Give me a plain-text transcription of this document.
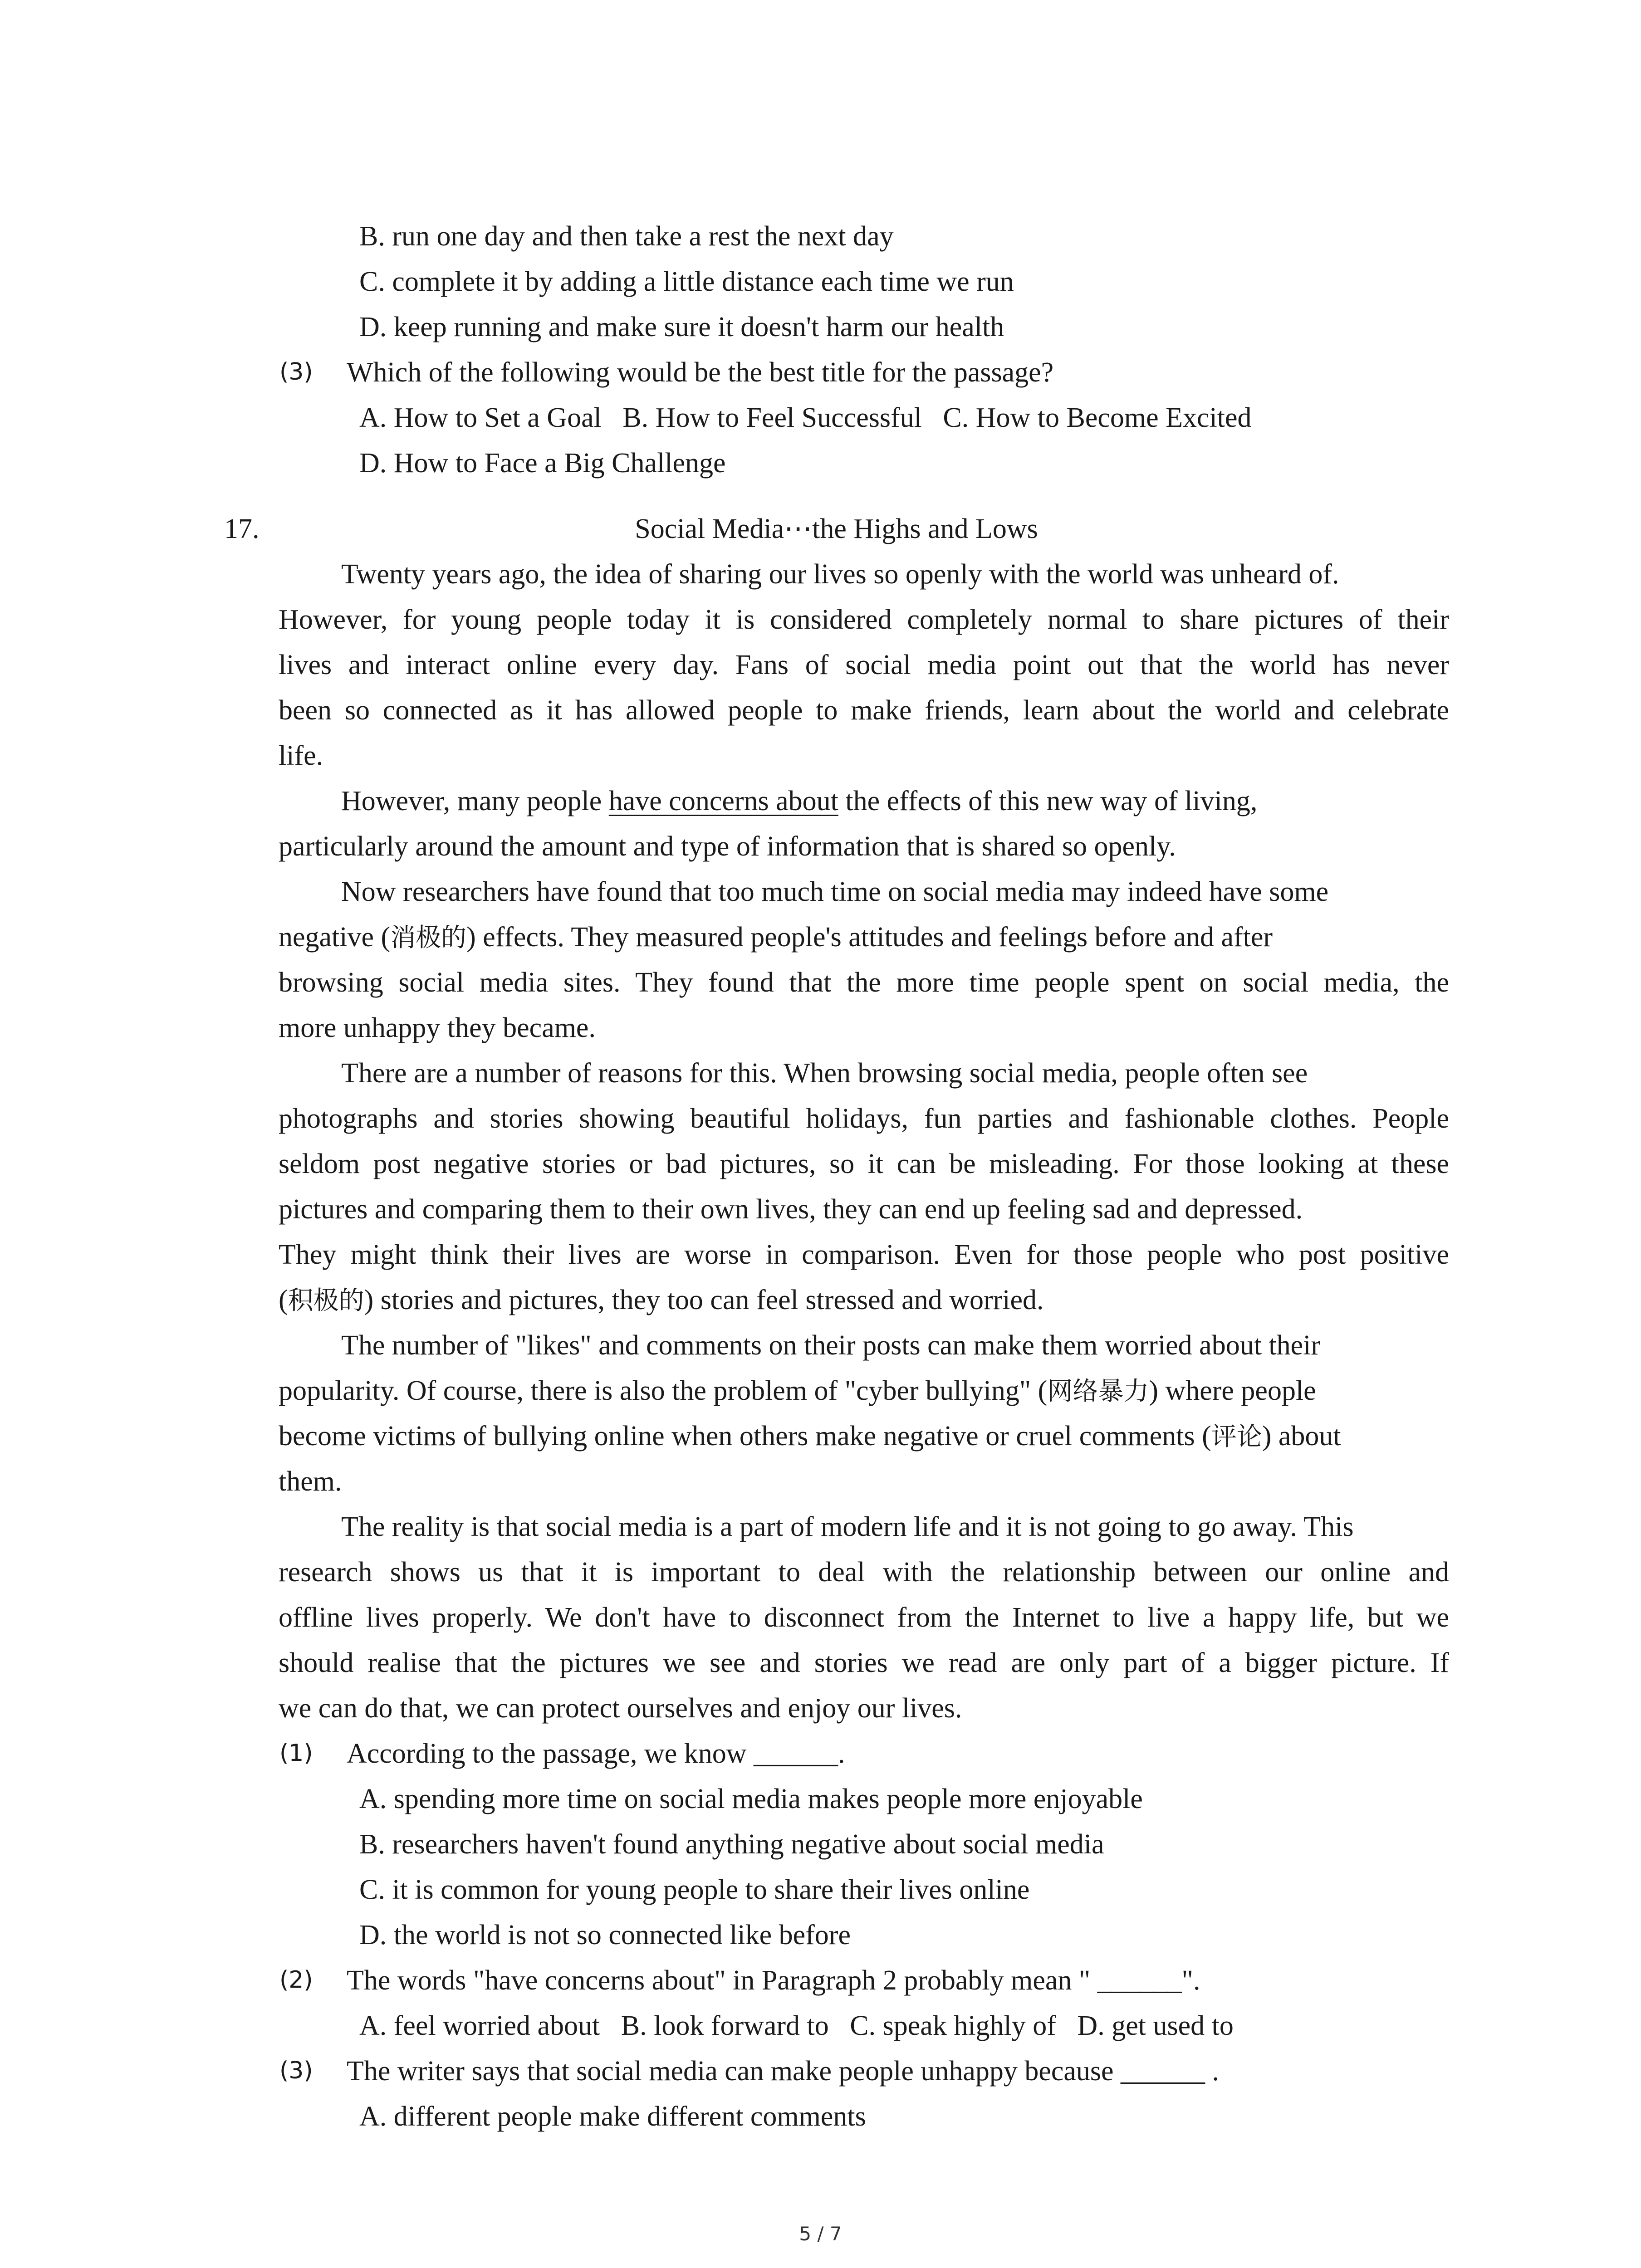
B. run one day and then take a rest the next day
C. complete it by adding a little distance each time we run
D. keep running and make sure it doesn't harm our health
(3) Which of the following would be the best title for the passage?
A. How to Set a Goal B. How to Feel Successful C. How to Become Excited
D. How to Face a Big Challenge
17.	Social Media⋯the Highs and Lows
Twenty years ago, the idea of sharing our lives so openly with the world was unheard of.
However, for young people today it is considered completely normal to share pictures of their
lives and interact online every day. Fans of social media point out that the world has never
been so connected as it has allowed people to make friends, learn about the world and celebrate
life.
However, many people have concerns about the effects of this new way of living,
particularly around the amount and type of information that is shared so openly.
Now researchers have found that too much time on social media may indeed have some
negative (消极的) effects. They measured people's attitudes and feelings before and after
browsing social media sites. They found that the more time people spent on social media, the
more unhappy they became.
There are a number of reasons for this. When browsing social media, people often see
photographs and stories showing beautiful holidays, fun parties and fashionable clothes. People
seldom post negative stories or bad pictures, so it can be misleading. For those looking at these
pictures and comparing them to their own lives, they can end up feeling sad and depressed.
They might think their lives are worse in comparison. Even for those people who post positive
(积极的) stories and pictures, they too can feel stressed and worried.
The number of "likes" and comments on their posts can make them worried about their
popularity. Of course, there is also the problem of "cyber bullying" (网络暴力) where people
become victims of bullying online when others make negative or cruel comments (评论) about
them.
The reality is that social media is a part of modern life and it is not going to go away. This
research shows us that it is important to deal with the relationship between our online and
offline lives properly. We don't have to disconnect from the Internet to live a happy life, but we
should realise that the pictures we see and stories we read are only part of a bigger picture. If
we can do that, we can protect ourselves and enjoy our lives.
(1) According to the passage, we know ______.
A. spending more time on social media makes people more enjoyable
B. researchers haven't found anything negative about social media
C. it is common for young people to share their lives online
D. the world is not so connected like before
(2) The words "have concerns about" in Paragraph 2 probably mean " ______".
A. feel worried about B. look forward to C. speak highly of D. get used to
(3) The writer says that social media can make people unhappy because ______ .
A. different people make different comments
5 / 7
